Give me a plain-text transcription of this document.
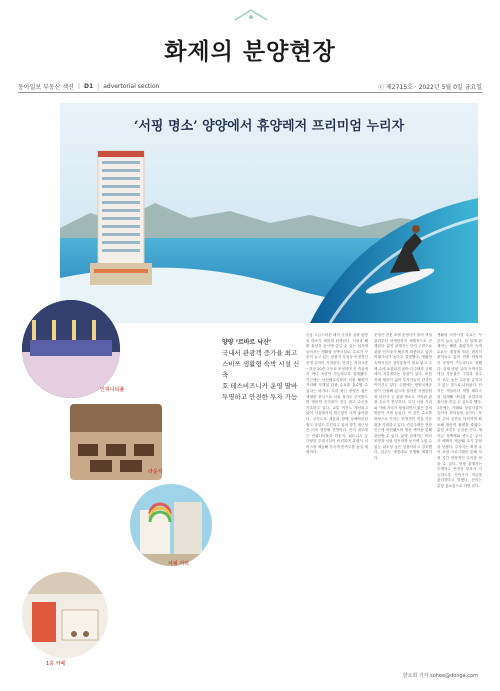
화제의 분양현장
동아일보 부동산 섹션 | D1 | advertorial section	ⓒ 제2715호 · 2022년 5월 0일 금요일
‘서핑 명소’ 양양에서 휴양레저 프리미엄 누리자
인피니티풀
라운지
서핑 거리
1층 카페
양양 ‘르바르 낙산’
국내서 관광객 증가율 최고
스비쓰 생활형 숙박 시설 신축
호 테스비즈니카 운영 딸바
투명하고 안전한 투자 가능
신흥 고급스러운 레저 시설을 갖춘 양양의 명소가 새롭게 탄생한다. 서핑과 해변 휴양을 동시에 즐길 수 있는 입지에 들어서는 생활형 숙박시설로, 수요가 꾸준히 늘고 있는 관광지 특성상 안정적인 운영 수익이 기대된다. 단지는 지하 2층~지상 20층 규모로 조성되며 전 객실에서 바다 조망이 가능하도록 설계됐다. 인근에는 낙산해수욕장과 서핑 해변이 자리해 사계절 관광 수요를 흡수할 수 있다는 평가다. 특히 최근 양양은 젊은 세대를 중심으로 서핑 성지로 주목받으며 방문객 증가율이 전국 최고 수준을 기록하고 있다. 교통 여건도 개선되고 있어 서울에서의 접근성이 크게 좋아졌다. 고속도로 개통과 함께 동해북부선 철도 사업도 추진되고 있어 향후 접근성은 더욱 향상될 전망이다. 단지 내부에는 인피니티풀과 라운지, 피트니스 등 다양한 부대시설이 마련되며 호텔식 서비스를 제공해 투숙객 만족도를 높일 계획이다.
운영은 전문 호텔 운영사가 맡아 객실 관리부터 마케팅까지 체계적으로 진행한다. 분양 관계자는 단지 주변으로 관광 인프라가 빠르게 확충되고 있어 미래가치가 높다고 설명했다. 생활형 숙박시설은 청약통장이 필요 없고 주택 수에 포함되지 않아 다주택자 규제에서 자유롭다는 장점이 있다. 또한 전매 제한이 없어 투자자들의 관심이 이어지고 있다. 주변에는 양양국제공항이 인접해 있으며 설악산 국립공원과 낙산사 등 관광 명소도 가까워 관광 수요가 풍부하다. 특히 서핑 거리와 카페 거리가 형성되면서 젊은 층의 방문이 크게 늘었다. 이 같은 수요를 바탕으로 단지는 안정적인 객실 가동률을 기대하고 있다. 견본주택은 현장 인근에 마련됐으며 방문 예약을 통해 관람할 수 있다. 분양 관계자는 바다 조망과 서핑 인프라를 동시에 누릴 수 있는 희소성 높은 상품이라고 강조했다. 입주는 예정대로 진행될 계획이다.
생활형 숙박시설 수요는 꾸준히 늘고 있다. 한 업계 관계자는 해변 휴양지의 숙박 수요는 계절에 따른 편차가 줄어들고 있어 연중 안정적인 운영이 가능하다고 말했다. 실제 양양 일대 숙박시설 객실 가동률은 주말과 성수기 모두 높은 수준을 유지하고 있는 것으로 나타났다. 단지는 객실마다 개별 테라스를 설계해 바다를 조망하며 휴식을 즐길 수 있도록 했다. 1층에는 카페와 상업시설이 들어서 편의성을 높인다. 또한 주차 공간을 넉넉하게 확보해 방문객 불편을 줄였다. 분양 조건도 눈길을 끈다. 계약금 정액제와 중도금 무이자 혜택이 제공돼 초기 부담을 낮췄다. 투자자는 확정 수익 보장 프로그램을 통해 일정 기간 안정적인 수익을 얻을 수 있다. 현장 관계자는 투명하고 안전한 투자가 가능하도록 신탁사가 자금을 관리한다고 밝혔다. 문의는 분양 홍보관으로 하면 된다.
한소희 기자 sohee@donga.com
